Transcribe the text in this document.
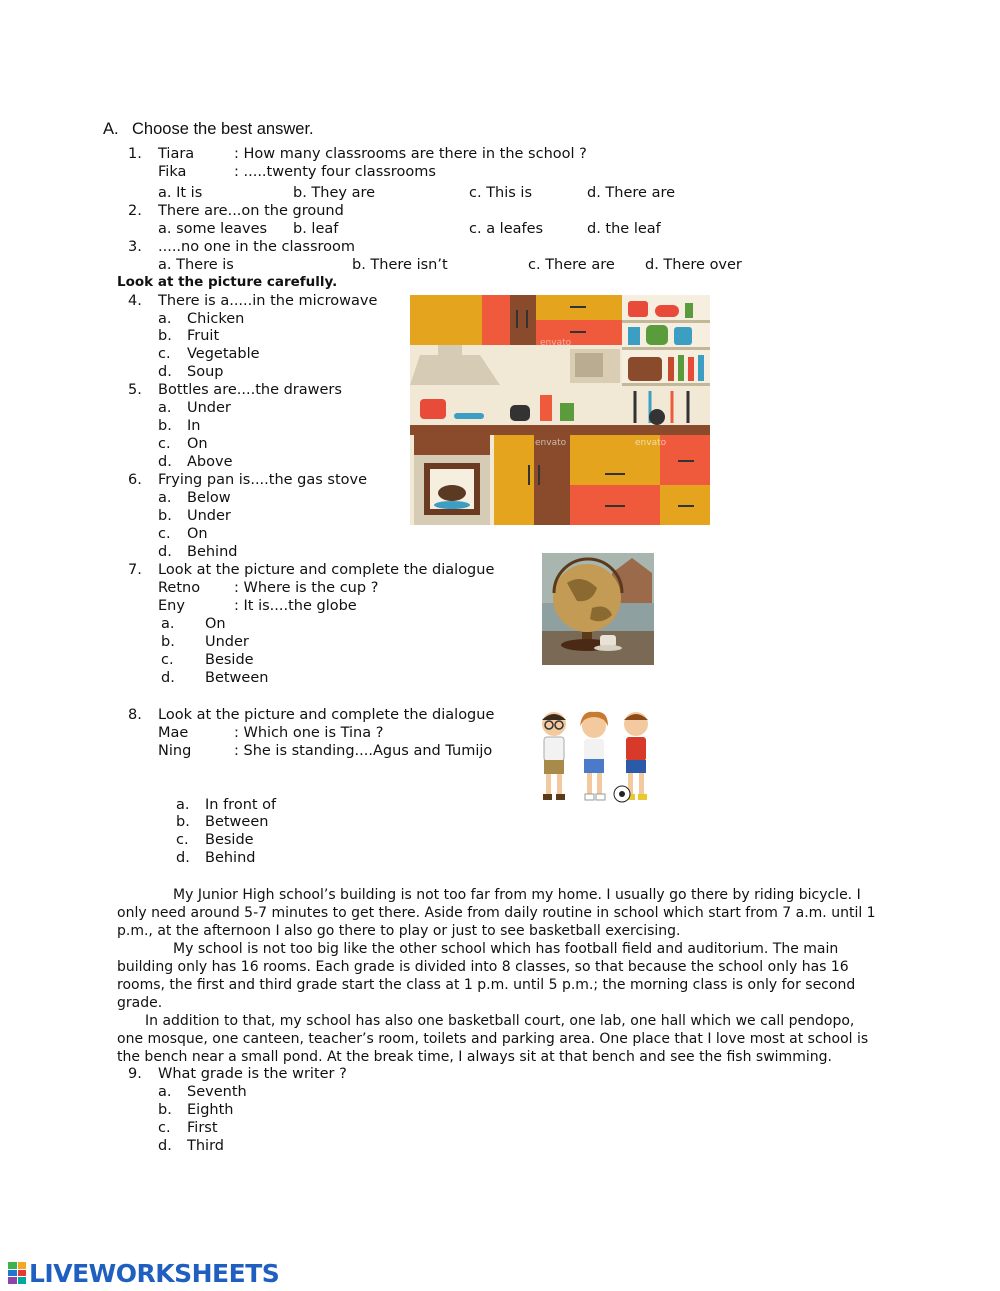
A. Choose the best answer.
1. Tiara	: How many classrooms are there in the school ?
Fika	: .....twenty four classrooms
a. It is	b. They are	c. This is	d. There are
2. There are...on the ground
a. some leaves b. leaf	c. a leafes	d. the leaf
3. .....no one in the classroom
a. There is	b. There isn’t	c. There are d. There over
Look at the picture carefully.
4. There is a.....in the microwave
a. Chicken
b. Fruit
c. Vegetable
d. Soup
5. Bottles are....the drawers
a. Under
b. In
c. On
d. Above
6. Frying pan is....the gas stove
a. Below
b. Under
c. On
d. Behind
envato	envato
envato
7. Look at the picture and complete the dialogue
Retno : Where is the cup ?
Eny	: It is....the globe
a. On
b. Under
c. Beside
d. Between
8. Look at the picture and complete the dialogue
Mae	: Which one is Tina ?
Ning	: She is standing....Agus and Tumijo
a. In front of
b. Between
c. Beside
d. Behind
My Junior High school’s building is not too far from my home. I usually go there by riding bicycle. I only need around 5-7 minutes to get there. Aside from daily routine in school which start from 7 a.m. until 1 p.m., at the afternoon I also go there to play or just to see basketball exercising.
My school is not too big like the other school which has football field and auditorium. The main building only has 16 rooms. Each grade is divided into 8 classes, so that because the school only has 16 rooms, the first and third grade start the class at 1 p.m. until 5 p.m.; the morning class is only for second grade.
In addition to that, my school has also one basketball court, one lab, one hall which we call pendopo, one mosque, one canteen, teacher’s room, toilets and parking area. One place that I love most at school is the bench near a small pond. At the break time, I always sit at that bench and see the fish swimming.
9. What grade is the writer ?
a. Seventh
b. Eighth
c. First
d. Third
LIVEWORKSHEETS
